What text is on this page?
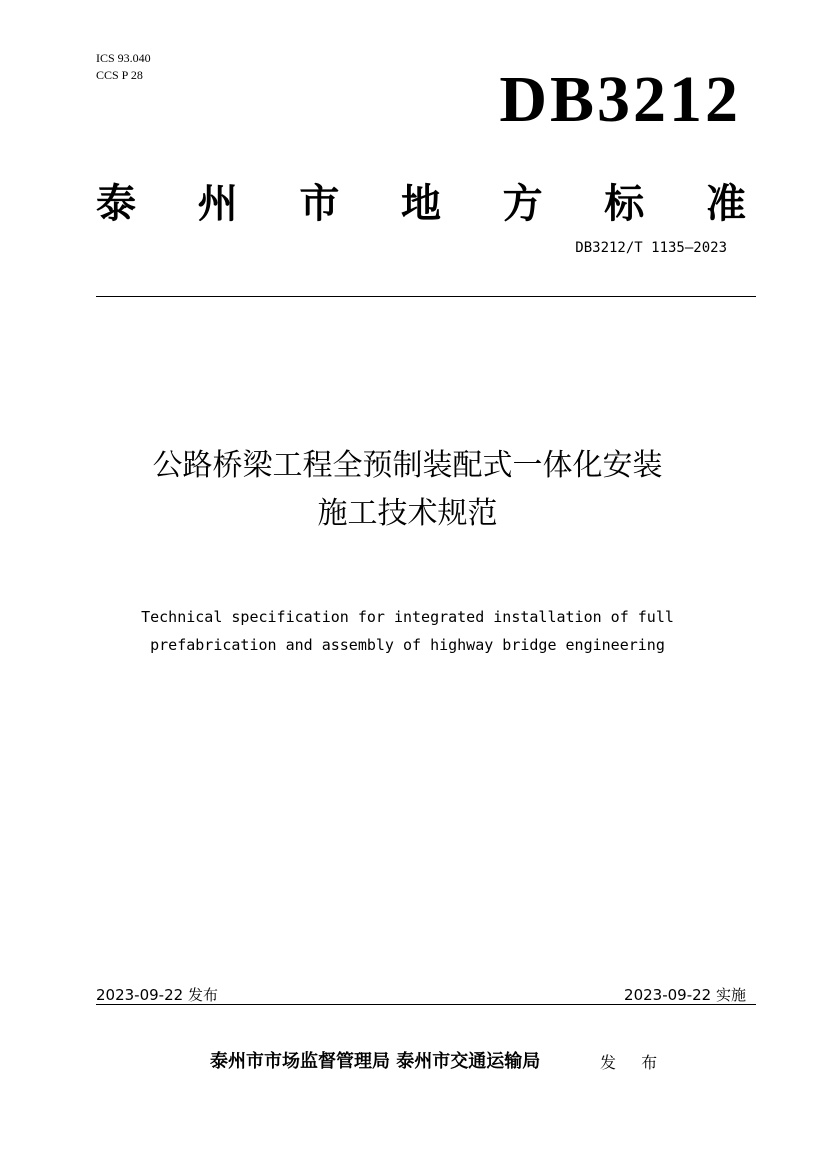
ICS 93.040
CCS P 28	DB3212
泰 州 市 地 方 标 准
DB3212/T 1135—2023
公路桥梁工程全预制装配式一体化安装
施工技术规范
Technical specification for integrated installation of full
prefabrication and assembly of highway bridge engineering
2023-09-22 发布	2023-09-22 实施
泰州市市场监督管理局 泰州市交通运输局	发 布
